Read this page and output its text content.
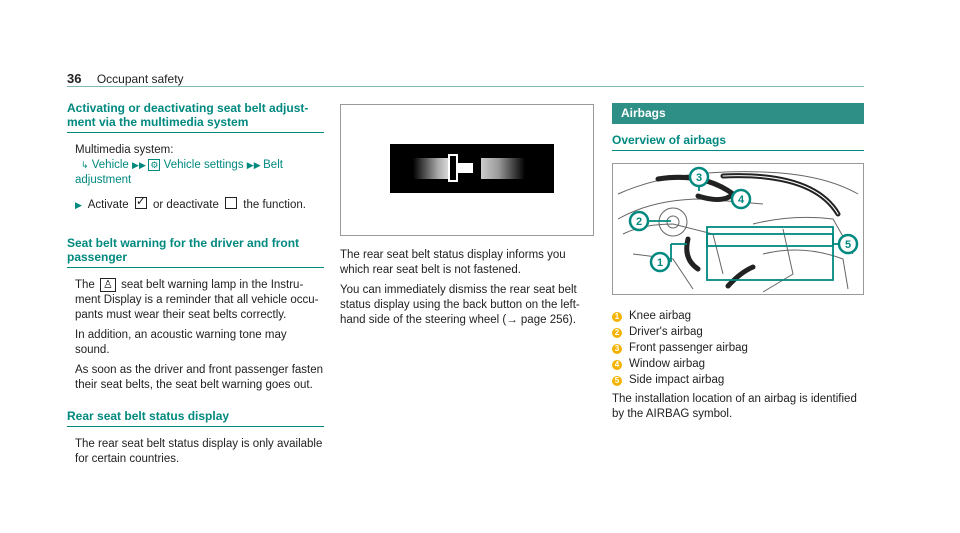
36 Occupant safety
Activating or deactivating seat belt adjust-
ment via the multimedia system

Multimedia system:

↳ Vehicle ▶▶ ⚙ Vehicle settings ▶▶ Belt

adjustment

▶ Activate ✓ or deactivate the function.

Seat belt warning for the driver and front
passenger
The ♙ seat belt warning lamp in the Instru-
ment Display is a reminder that all vehicle occu-
pants must wear their seat belts correctly.
In addition, an acoustic warning tone may sound.
As soon as the driver and front passenger fasten
their seat belts, the seat belt warning goes out.
Rear seat belt status display
The rear seat belt status display is only available
for certain countries.
The rear seat belt status display informs you
which rear seat belt is not fastened.
You can immediately dismiss the rear seat belt
status display using the back button on the left-
hand side of the steering wheel (→ page 256).
Airbags
Overview of airbags
3
4
2
1
5
1 Knee airbag
2 Driver's airbag
3 Front passenger airbag
4 Window airbag
5 Side impact airbag
The installation location of an airbag is identified
by the AIRBAG symbol.
